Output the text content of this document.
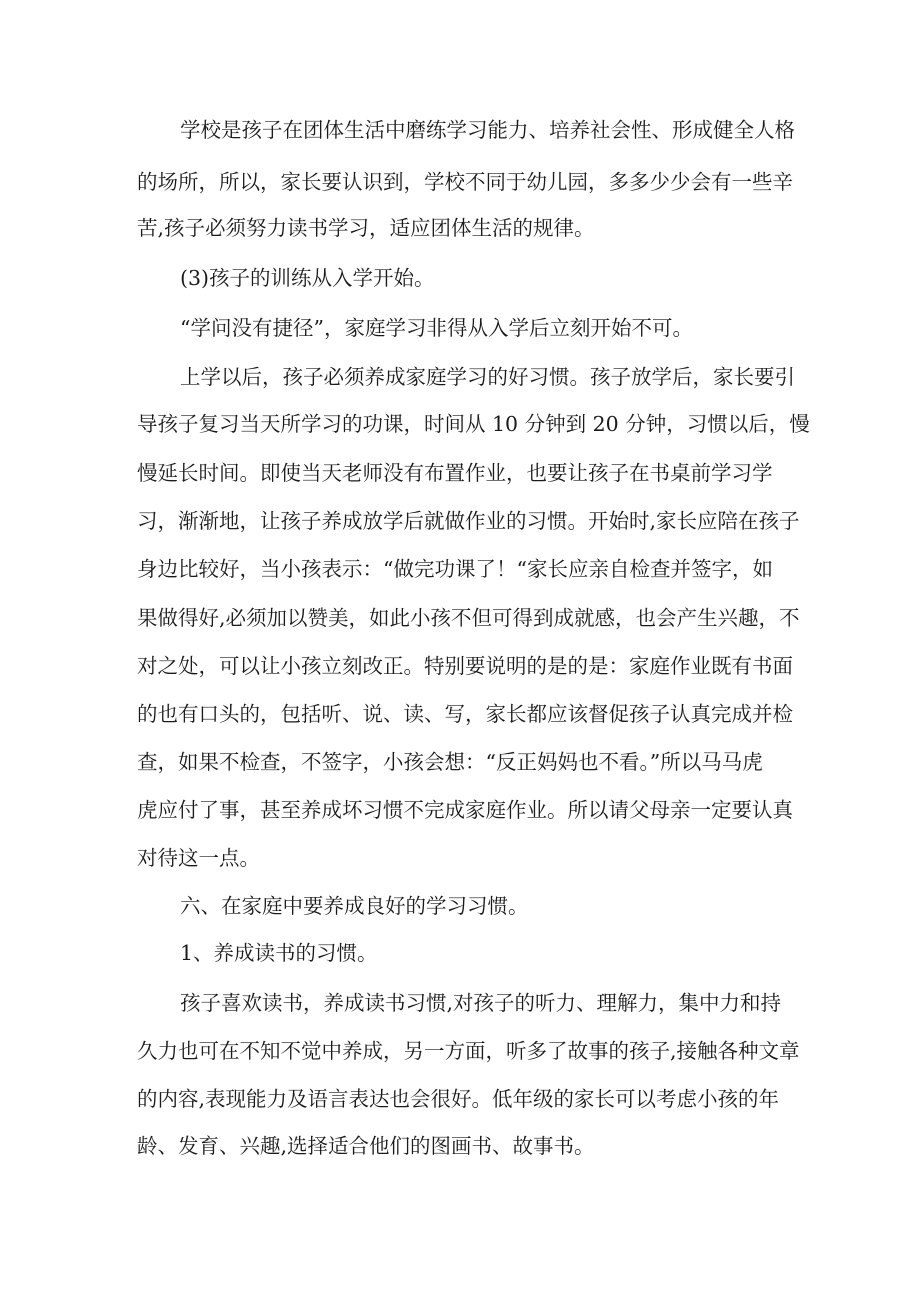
学校是孩子在团体生活中磨练学习能力、培养社会性、形成健全人格

的场所，所以，家长要认识到，学校不同于幼儿园，多多少少会有一些辛

苦,孩子必须努力读书学习，适应团体生活的规律。

(3)孩子的训练从入学开始。

“学问没有捷径”，家庭学习非得从入学后立刻开始不可。

上学以后，孩子必须养成家庭学习的好习惯。孩子放学后，家长要引

导孩子复习当天所学习的功课，时间从 10 分钟到 20 分钟，习惯以后，慢

慢延长时间。即使当天老师没有布置作业，也要让孩子在书桌前学习学

习，渐渐地，让孩子养成放学后就做作业的习惯。开始时,家长应陪在孩子

身边比较好，当小孩表示：“做完功课了！“家长应亲自检查并签字，如

果做得好,必须加以赞美，如此小孩不但可得到成就感，也会产生兴趣，不

对之处，可以让小孩立刻改正。特别要说明的是的是：家庭作业既有书面

的也有口头的，包括听、说、读、写，家长都应该督促孩子认真完成并检

查，如果不检查，不签字，小孩会想：“反正妈妈也不看。”所以马马虎

虎应付了事，甚至养成坏习惯不完成家庭作业。所以请父母亲一定要认真

对待这一点。

六、在家庭中要养成良好的学习习惯。

1、养成读书的习惯。

孩子喜欢读书，养成读书习惯,对孩子的听力、理解力，集中力和持

久力也可在不知不觉中养成，另一方面，听多了故事的孩子,接触各种文章

的内容,表现能力及语言表达也会很好。低年级的家长可以考虑小孩的年

龄、发育、兴趣,选择适合他们的图画书、故事书。
